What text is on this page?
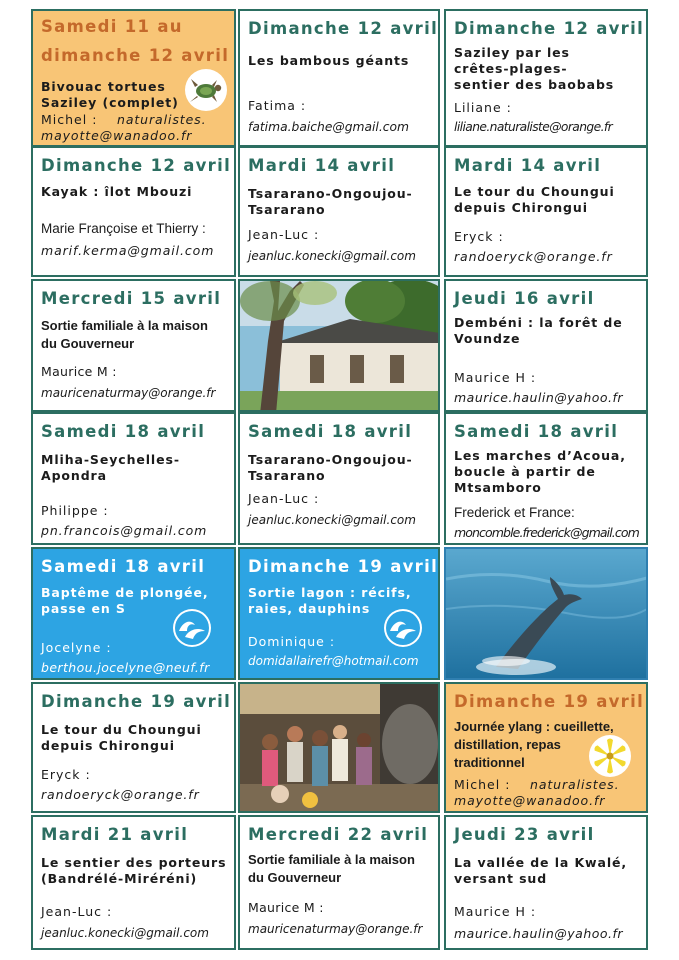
Samedi 11 au
dimanche 12 avril
Bivouac tortues
Saziley (complet)
Michel : naturalistes.
mayotte@wanadoo.fr
Dimanche 12 avril
Les bambous géants
Fatima :
fatima.baiche@gmail.com
Dimanche 12 avril
Saziley par les
crêtes-plages-
sentier des baobabs
Liliane :
liliane.naturaliste@orange.fr
Dimanche 12 avril
Kayak : îlot Mbouzi
Marie Françoise et Thierry :
marif.kerma@gmail.com
Mardi 14 avril
Tsararano-Ongoujou-
Tsararano
Jean-Luc :
jeanluc.konecki@gmail.com
Mardi 14 avril
Le tour du Choungui
depuis Chirongui
Eryck :
randoeryck@orange.fr
Mercredi 15 avril
Sortie familiale à la maison
du Gouverneur
Maurice M :
mauricenaturmay@orange.fr
Jeudi 16 avril
Dembéni : la forêt de
Voundze
Maurice H :
maurice.haulin@yahoo.fr
Samedi 18 avril
Mliha-Seychelles-
Apondra
Philippe :
pn.francois@gmail.com
Samedi 18 avril
Tsararano-Ongoujou-
Tsararano
Jean-Luc :
jeanluc.konecki@gmail.com
Samedi 18 avril
Les marches d’Acoua,
boucle à partir de
Mtsamboro
Frederick et France:
moncomble.frederick@gmail.com
Samedi 18 avril
Baptême de plongée,
passe en S
Jocelyne :
berthou.jocelyne@neuf.fr
Dimanche 19 avril
Sortie lagon : récifs,
raies, dauphins
Dominique :
domidallairefr@hotmail.com
Dimanche 19 avril
Le tour du Choungui
depuis Chirongui
Eryck :
randoeryck@orange.fr
Dimanche 19 avril
Journée ylang : cueillette,
distillation, repas
traditionnel
Michel : naturalistes.
mayotte@wanadoo.fr
Mardi 21 avril
Le sentier des porteurs
(Bandrélé-Miréréni)
Jean-Luc :
jeanluc.konecki@gmail.com
Mercredi 22 avril
Sortie familiale à la maison
du Gouverneur
Maurice M :
mauricenaturmay@orange.fr
Jeudi 23 avril
La vallée de la Kwalé,
versant sud
Maurice H :
maurice.haulin@yahoo.fr
